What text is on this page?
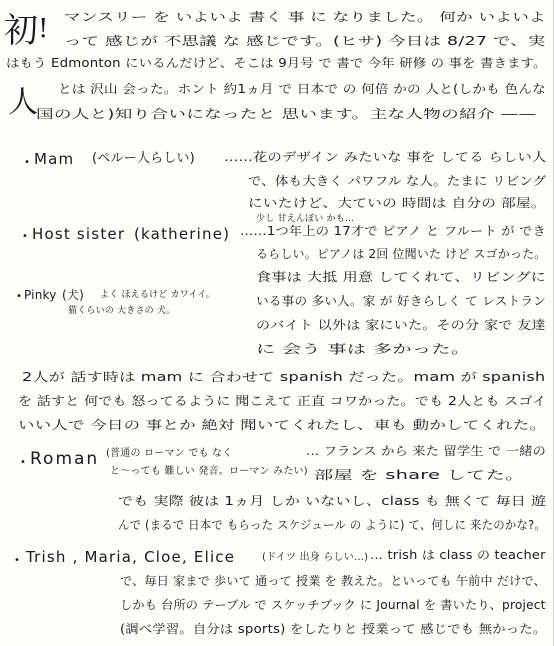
初 ! マンスリー を いよいよ 書く 事 に なりました。 何か いよいよ
って 感じが 不思議 な 感じです。(ヒサ) 今日は 8/27 で、実
はもう Edmonton にいるんだけど、そこは 9月号 で 書で 今年 研修 の 事を 書きます。
人 とは 沢山 会った。ホント 約1ヵ月 で 日本で の 何倍 かの 人と(しかも 色んな
国の人と)知り合いになったと 思います。主な人物の紹介 ——
• Mam (ペルー人らしい) ……花のデザイン みたいな 事を してる らしい人
で、体も大きく パワフル な人。たまに リビング
にいたけど、大ていの 時間は 自分の 部屋。
少し 甘えんぼい かも…
• Host sister (katherine) ……1つ年上の 17才で ピアノ と フルート が でき
るらしい。ピアノは 2回 位聞いた けど スゴかった。
食事は 大抵 用意 してくれて、リビングに
いる事の 多い人。家 が 好きらしく て レストラン
のバイト 以外は 家にいた。その分 家で 友達
に 会う 事は 多かった。
• Pinky (犬) よく ほえるけど カワイイ。
猫くらいの 大きさの 犬。
2人が 話す時は mam に 合わせて spanish だった。mam が spanish
を 話すと 何でも 怒ってるように 聞こえて 正直 コワかった。でも 2人とも スゴイ
いい人で 今日の 事とか 絶対 聞いてくれたし、車も 動かしてくれた。
• Roman (普通の ローマン でも なく
と〜っても 難しい 発音。ローマン みたい)
… フランス から 来た 留学生 で 一緒の
部屋 を share してた。
でも 実際 彼は 1ヵ月 しか いないし、class も 無くて 毎日 遊
んで (まるで 日本で もらった スケジュール の ように) て、何しに 来たのかな?。
• Trish , Maria, Cloe, Elice	(ドイツ 出身 らしい…) … trish は class の teacher
で、毎日 家まで 歩いて 通って 授業 を 教えた。といっても 午前中 だけで、
しかも 台所の テーブル で スケッチブック に Journal を 書いたり、project
(調べ学習。自分は sports) をしたりと 授業って 感じでも 無かった。
